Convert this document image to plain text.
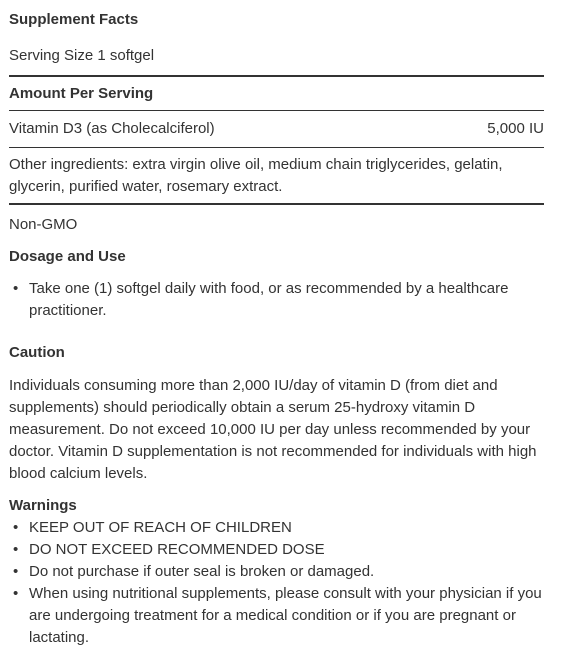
Supplement Facts
Serving Size 1 softgel
Amount Per Serving
Vitamin D3 (as Cholecalciferol)	5,000 IU
Other ingredients: extra virgin olive oil, medium chain triglycerides, gelatin, glycerin, purified water, rosemary extract.
Non-GMO
Dosage and Use
• Take one (1) softgel daily with food, or as recommended by a healthcare practitioner.
Caution
Individuals consuming more than 2,000 IU/day of vitamin D (from diet and supplements) should periodically obtain a serum 25-hydroxy vitamin D measurement. Do not exceed 10,000 IU per day unless recommended by your doctor. Vitamin D supplementation is not recommended for individuals with high blood calcium levels.
Warnings
• KEEP OUT OF REACH OF CHILDREN
• DO NOT EXCEED RECOMMENDED DOSE
• Do not purchase if outer seal is broken or damaged.
• When using nutritional supplements, please consult with your physician if you are undergoing treatment for a medical condition or if you are pregnant or lactating.
